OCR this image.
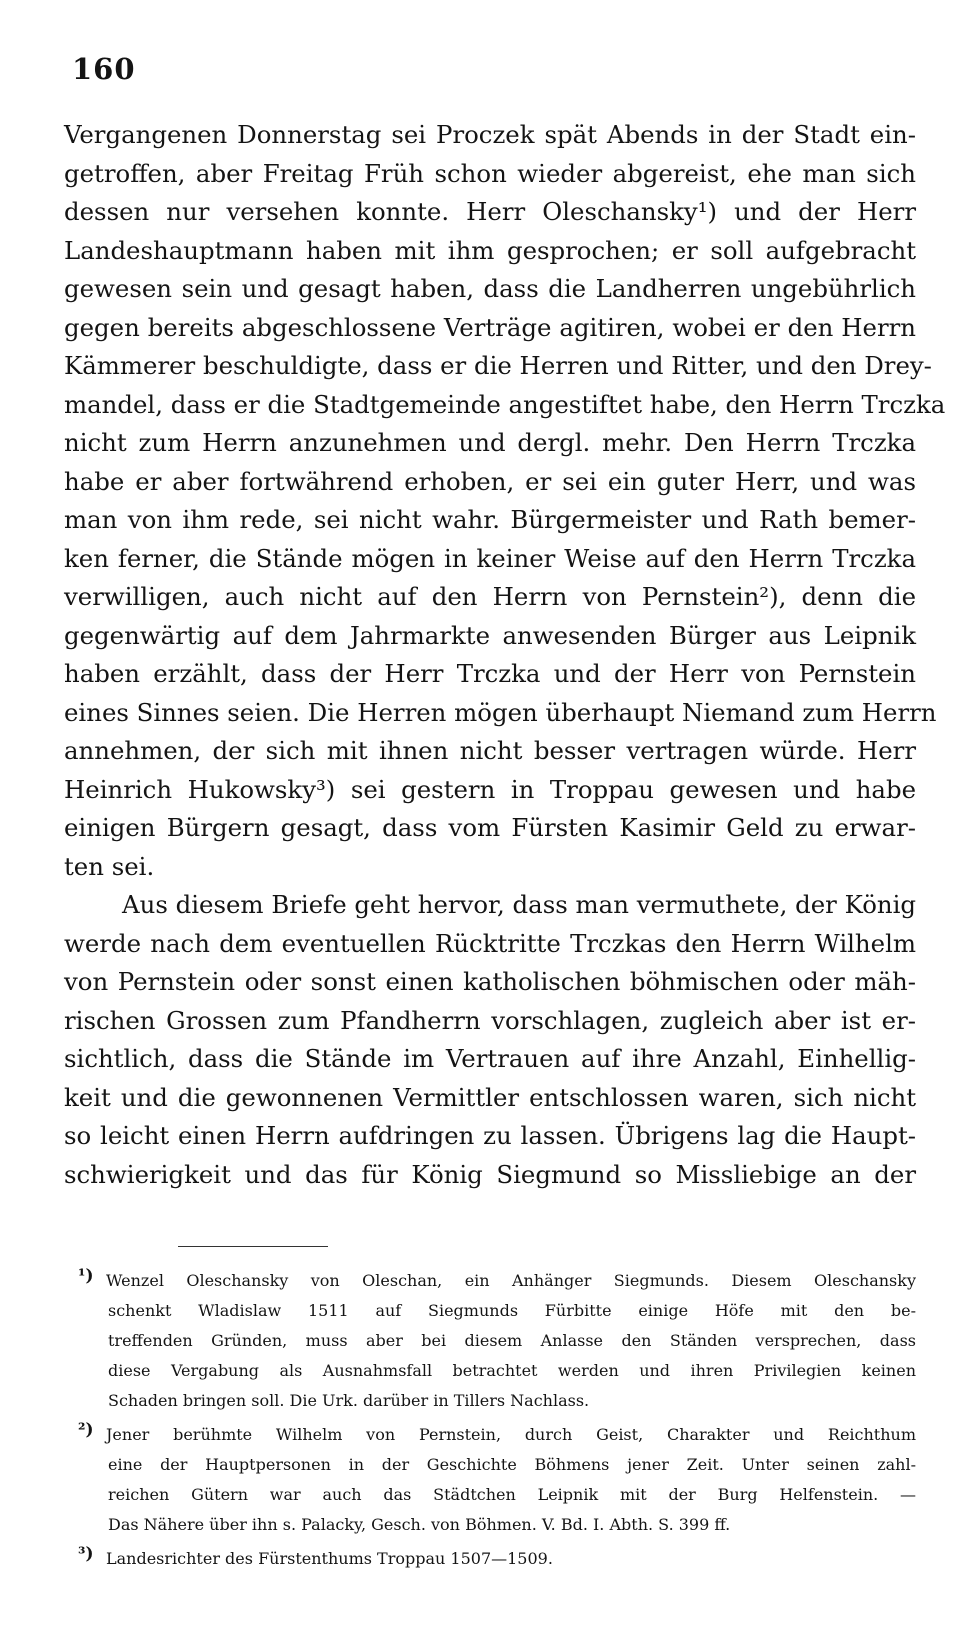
160
Vergangenen Donnerstag sei Proczek spät Abends in der Stadt ein-
getroffen, aber Freitag Früh schon wieder abgereist, ehe man sich
dessen nur versehen konnte. Herr Oleschansky¹) und der Herr
Landeshauptmann haben mit ihm gesprochen; er soll aufgebracht
gewesen sein und gesagt haben, dass die Landherren ungebührlich
gegen bereits abgeschlossene Verträge agitiren, wobei er den Herrn
Kämmerer beschuldigte, dass er die Herren und Ritter, und den Drey-
mandel, dass er die Stadtgemeinde angestiftet habe, den Herrn Trczka
nicht zum Herrn anzunehmen und dergl. mehr. Den Herrn Trczka
habe er aber fortwährend erhoben, er sei ein guter Herr, und was
man von ihm rede, sei nicht wahr. Bürgermeister und Rath bemer-
ken ferner, die Stände mögen in keiner Weise auf den Herrn Trczka
verwilligen, auch nicht auf den Herrn von Pernstein²), denn die
gegenwärtig auf dem Jahrmarkte anwesenden Bürger aus Leipnik
haben erzählt, dass der Herr Trczka und der Herr von Pernstein
eines Sinnes seien. Die Herren mögen überhaupt Niemand zum Herrn
annehmen, der sich mit ihnen nicht besser vertragen würde. Herr
Heinrich Hukowsky³) sei gestern in Troppau gewesen und habe
einigen Bürgern gesagt, dass vom Fürsten Kasimir Geld zu erwar-
ten sei.
Aus diesem Briefe geht hervor, dass man vermuthete, der König
werde nach dem eventuellen Rücktritte Trczkas den Herrn Wilhelm
von Pernstein oder sonst einen katholischen böhmischen oder mäh-
rischen Grossen zum Pfandherrn vorschlagen, zugleich aber ist er-
sichtlich, dass die Stände im Vertrauen auf ihre Anzahl, Einhellig-
keit und die gewonnenen Vermittler entschlossen waren, sich nicht
so leicht einen Herrn aufdringen zu lassen. Übrigens lag die Haupt-
schwierigkeit und das für König Siegmund so Missliebige an der
¹) Wenzel Oleschansky von Oleschan, ein Anhänger Siegmunds. Diesem Oleschansky
schenkt Wladislaw 1511 auf Siegmunds Fürbitte einige Höfe mit den be-
treffenden Gründen, muss aber bei diesem Anlasse den Ständen versprechen, dass
diese Vergabung als Ausnahmsfall betrachtet werden und ihren Privilegien keinen
Schaden bringen soll. Die Urk. darüber in Tillers Nachlass.
²) Jener berühmte Wilhelm von Pernstein, durch Geist, Charakter und Reichthum
eine der Hauptpersonen in der Geschichte Böhmens jener Zeit. Unter seinen zahl-
reichen Gütern war auch das Städtchen Leipnik mit der Burg Helfenstein. —
Das Nähere über ihn s. Palacky, Gesch. von Böhmen. V. Bd. I. Abth. S. 399 ff.
³) Landesrichter des Fürstenthums Troppau 1507—1509.
